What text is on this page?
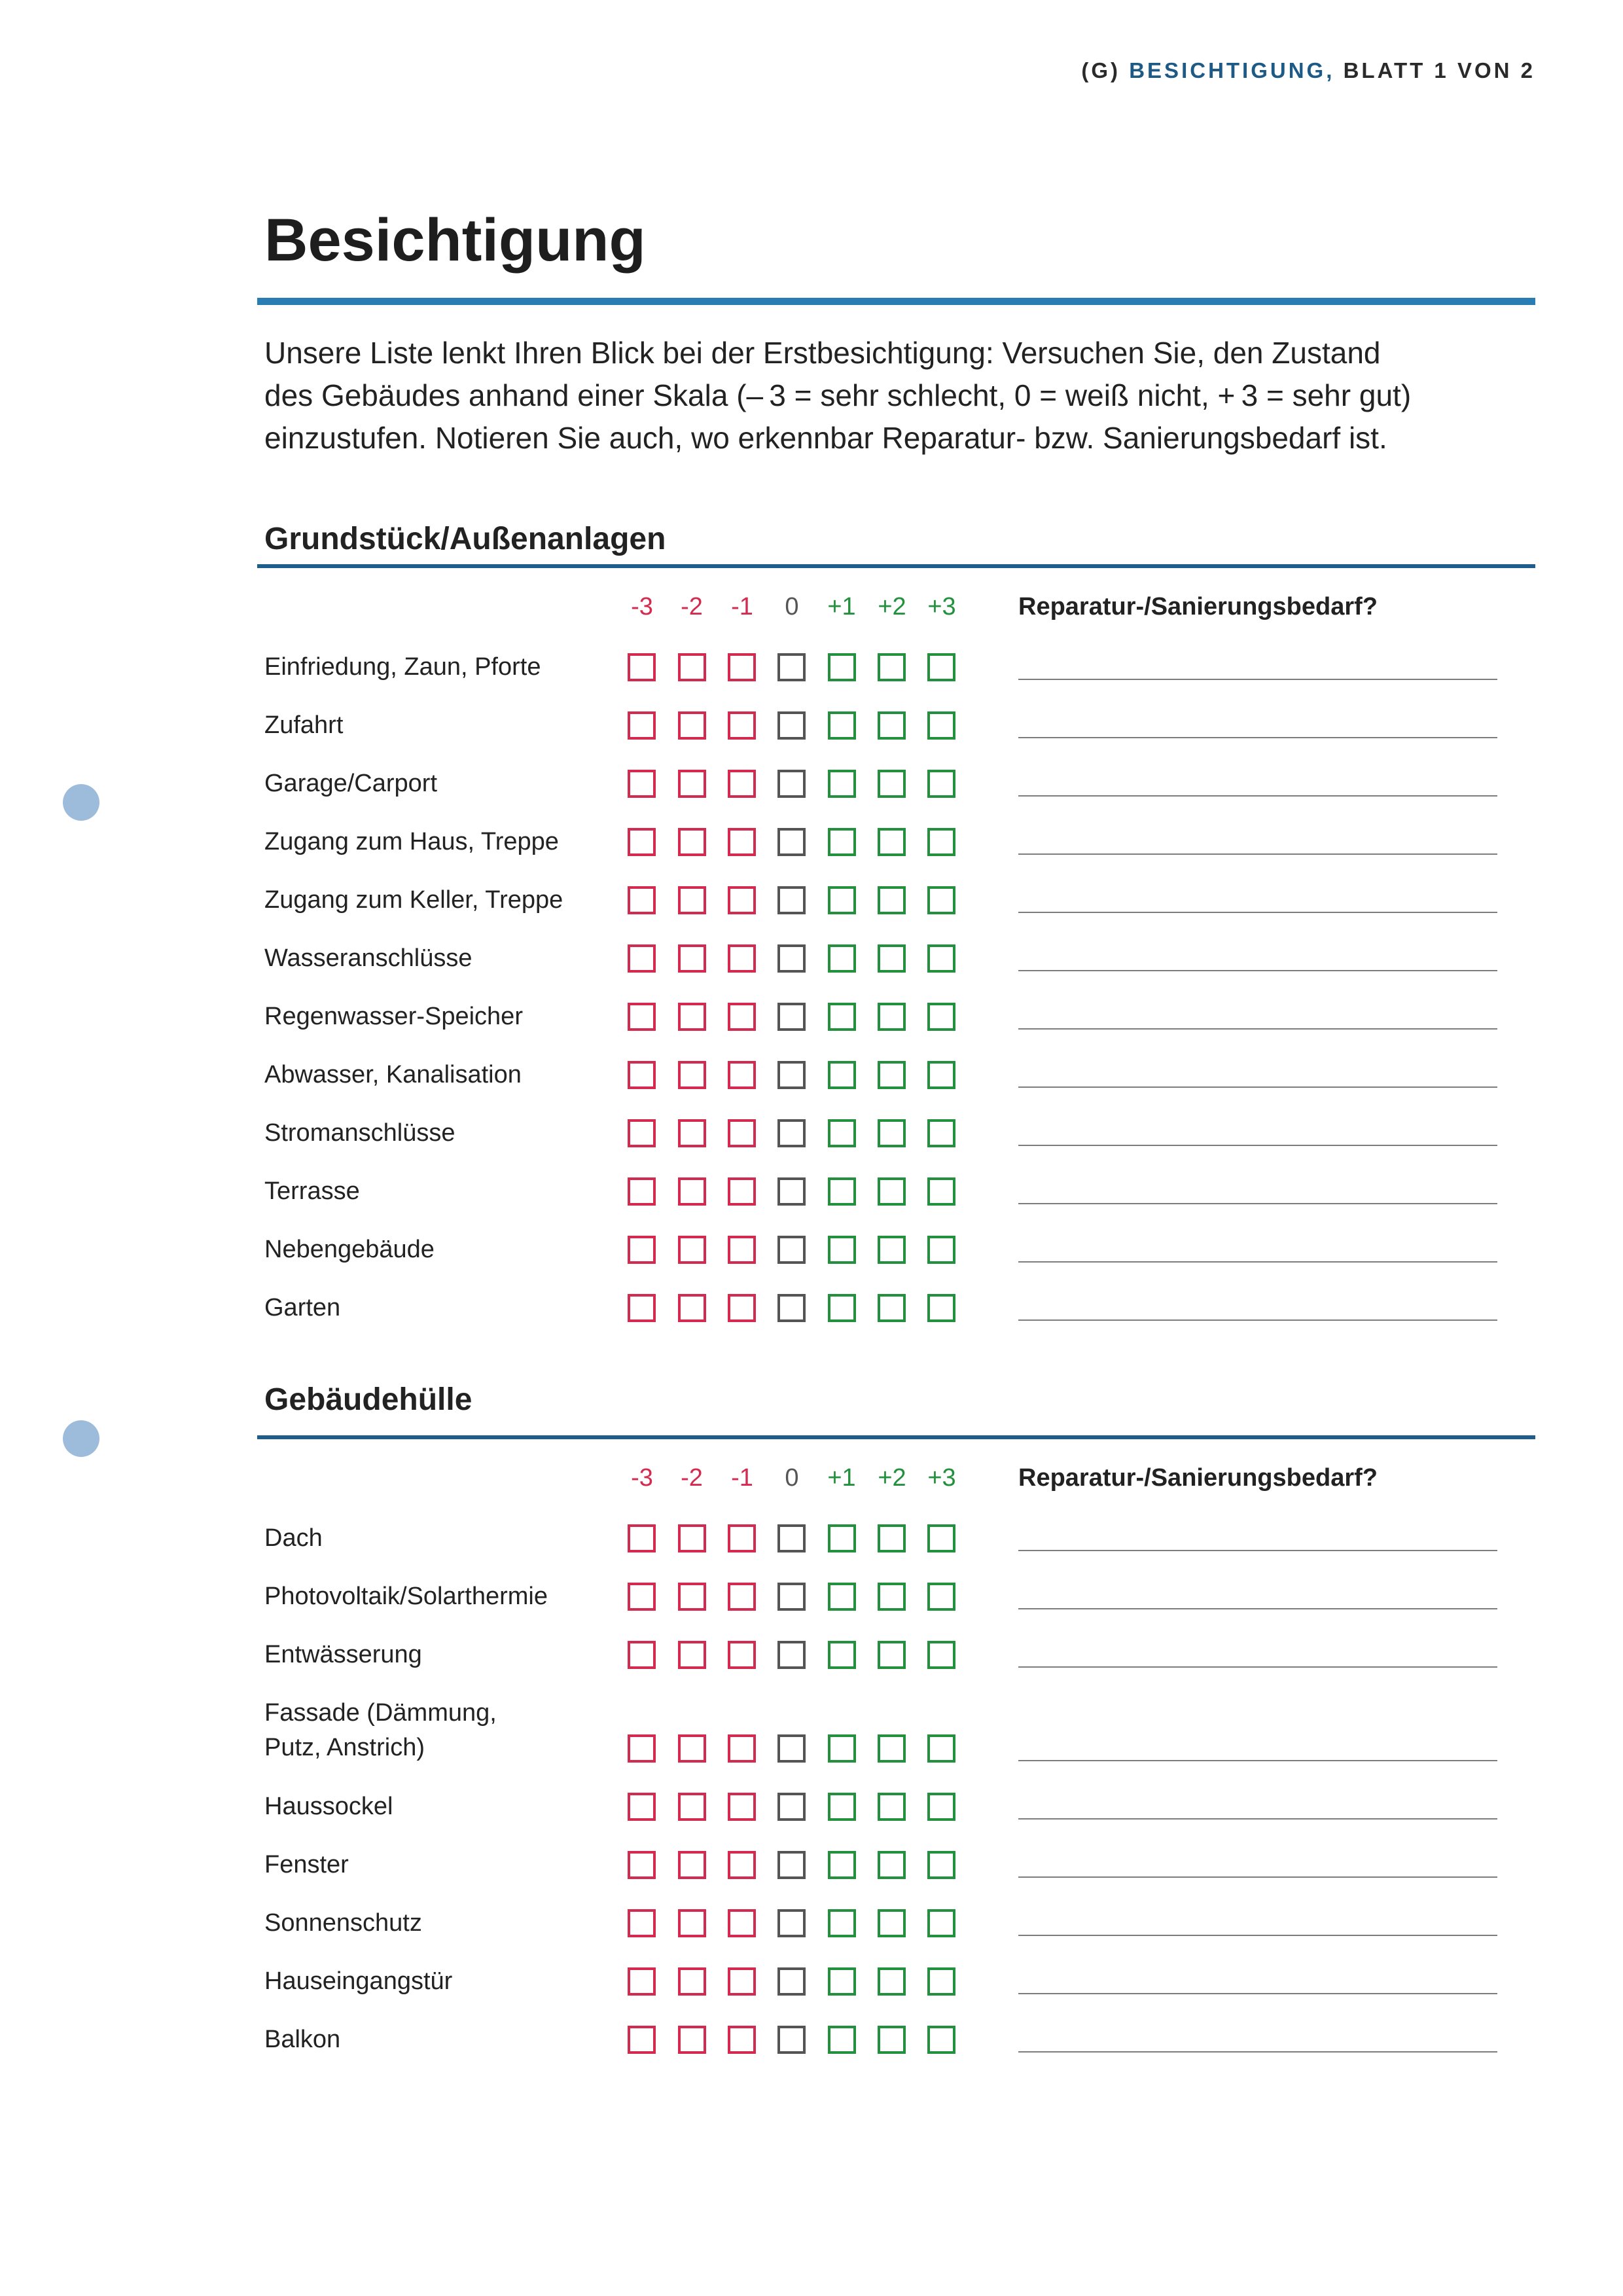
(G) BESICHTIGUNG, BLATT 1 VON 2
Besichtigung
Unsere Liste lenkt Ihren Blick bei der Erstbesichtigung: Versuchen Sie, den Zustand
des Gebäudes anhand einer Skala (– 3 = sehr schlecht, 0 = weiß nicht, + 3 = sehr gut)
einzustufen. Notieren Sie auch, wo erkennbar Reparatur- bzw. Sanierungsbedarf ist.
Grundstück/Außenanlagen
-3	-2	-1	0	+1 +2 +3	Reparatur-/Sanierungsbedarf?
Einfriedung, Zaun, Pforte
Zufahrt
Garage/Carport
Zugang zum Haus, Treppe
Zugang zum Keller, Treppe
Wasseranschlüsse
Regenwasser-Speicher
Abwasser, Kanalisation
Stromanschlüsse
Terrasse
Nebengebäude
Garten
Gebäudehülle
-3	-2	-1	0	+1 +2 +3	Reparatur-/Sanierungsbedarf?
Dach
Photovoltaik/Solarthermie
Entwässerung
Fassade (Dämmung,
Putz, Anstrich)
Haussockel
Fenster
Sonnenschutz
Hauseingangstür
Balkon
